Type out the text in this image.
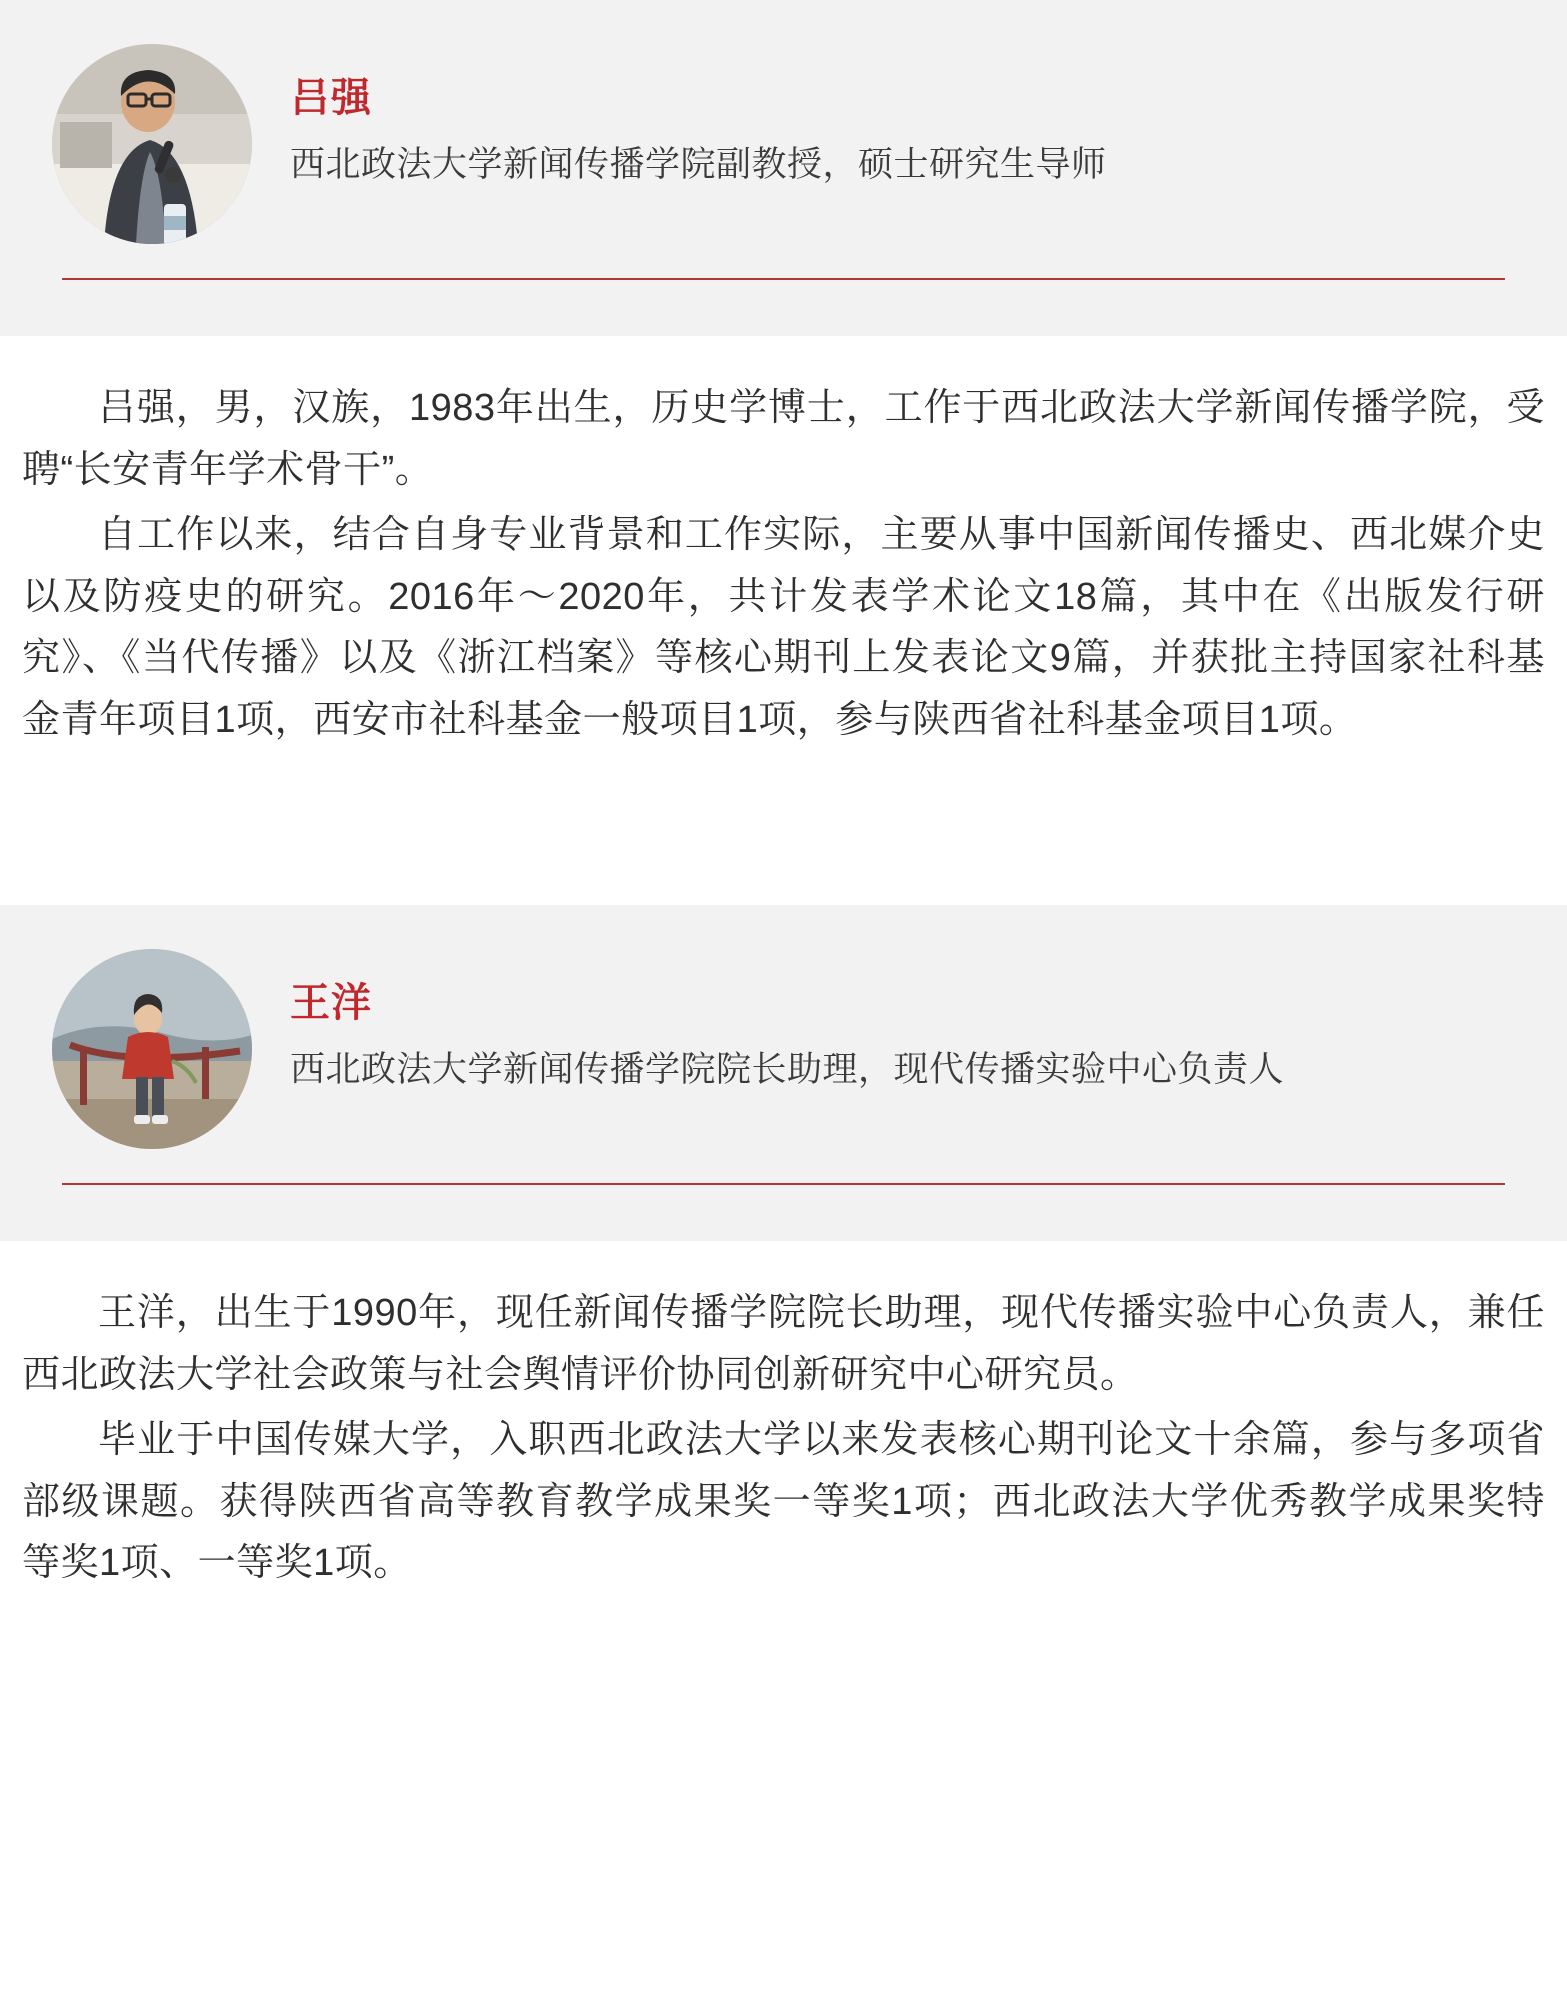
吕强
西北政法大学新闻传播学院副教授，硕士研究生导师

吕强，男，汉族，1983年出生，历史学博士，工作于西北政法大学新闻传播学院，受聘“长安青年学术骨干”。

自工作以来，结合自身专业背景和工作实际，主要从事中国新闻传播史、西北媒介史以及防疫史的研究。2016年～2020年，共计发表学术论文18篇，其中在《出版发行研究》、《当代传播》以及《浙江档案》等核心期刊上发表论文9篇，并获批主持国家社科基金青年项目1项，西安市社科基金一般项目1项，参与陕西省社科基金项目1项。

王洋
西北政法大学新闻传播学院院长助理，现代传播实验中心负责人

王洋，出生于1990年，现任新闻传播学院院长助理，现代传播实验中心负责人，兼任西北政法大学社会政策与社会舆情评价协同创新研究中心研究员。

毕业于中国传媒大学，入职西北政法大学以来发表核心期刊论文十余篇，参与多项省部级课题。获得陕西省高等教育教学成果奖一等奖1项；西北政法大学优秀教学成果奖特等奖1项、一等奖1项。
